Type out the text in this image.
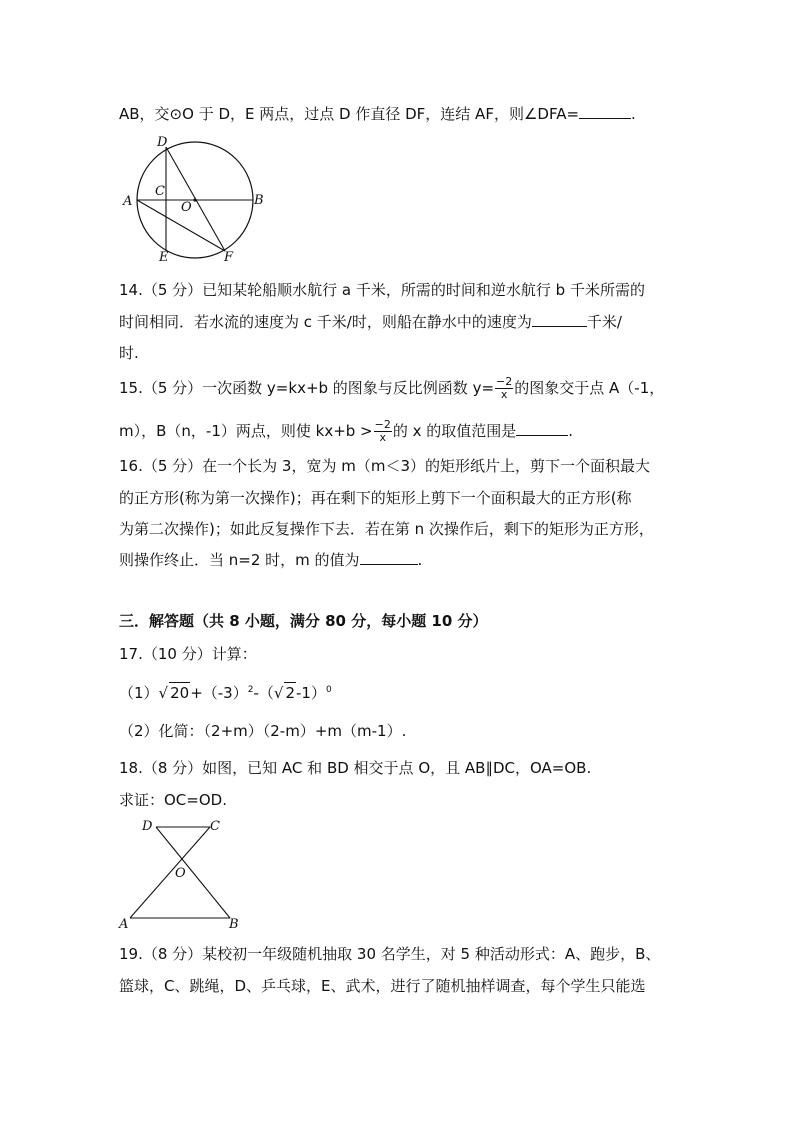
AB，交⊙O 于 D，E 两点，过点 D 作直径 DF，连结 AF，则∠DFA=	.
D
C
A	O	B
E	F
14.（5 分）已知某轮船顺水航行 a 千米，所需的时间和逆水航行 b 千米所需的
时间相同．若水流的速度为 c 千米/时，则船在静水中的速度为	千米/
时.
15.（5 分）一次函数 y=kx+b 的图象与反比例函数 $y= \frac{-2}{x}$ 的图象交于点 A（-1，
m），B（n，-1）两点，则使 $kx+b > \frac{-2}{x}$ 的 x 的取值范围是	.
16.（5 分）在一个长为 3，宽为 m（m＜3）的矩形纸片上，剪下一个面积最大
的正方形(称为第一次操作)；再在剩下的矩形上剪下一个面积最大的正方形(称
为第二次操作)；如此反复操作下去．若在第 n 次操作后，剩下的矩形为正方形，
则操作终止．当 n=2 时，m 的值为	.
三．解答题（共 8 小题，满分 80 分，每小题 10 分）
17.（10 分）计算：
（1）√ $20+(-3)^2-(√$ 2-1）$^0$
（2）化简：（2+m）（2-m）+m（m-1）.
18.（8 分）如图，已知 AC 和 BD 相交于点 O，且 AB∥DC，OA=OB.
求证：OC=OD.
D	C
O
A	B
19.（8 分）某校初一年级随机抽取 30 名学生，对 5 种活动形式：A、跑步，B、
篮球，C、跳绳，D、乒乓球，E、武术，进行了随机抽样调查，每个学生只能选
